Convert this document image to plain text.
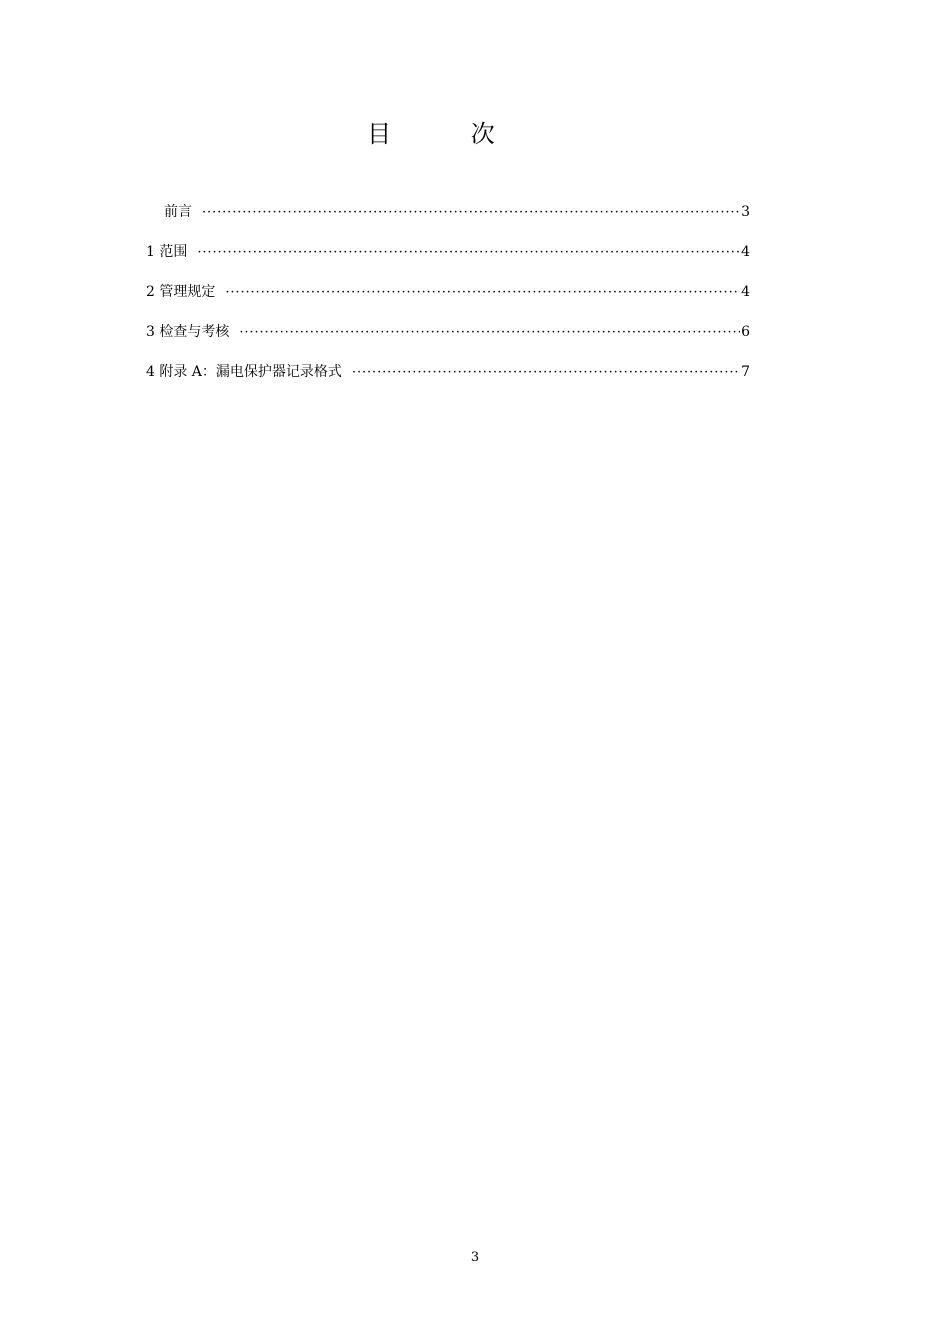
目 次
前言 ·····	3
1 范围 ·····	4
2 管理规定 ·····	4
3 检查与考核 ·····	6
4 附录 A：漏电保护器记录格式 ·····	7
3
